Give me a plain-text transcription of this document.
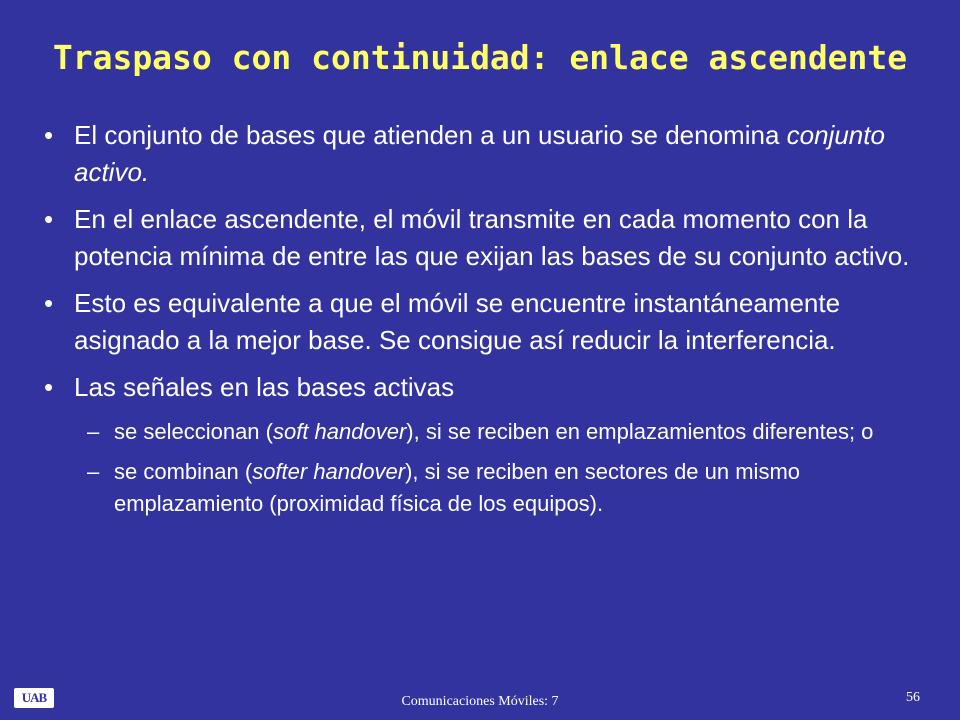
Traspaso con continuidad: enlace ascendente
• El conjunto de bases que atienden a un usuario se denomina conjunto activo.
• En el enlace ascendente, el móvil transmite en cada momento con la potencia mínima de entre las que exijan las bases de su conjunto activo.
• Esto es equivalente a que el móvil se encuentre instantáneamente asignado a la mejor base. Se consigue así reducir la interferencia.
• Las señales en las bases activas
– se seleccionan (soft handover), si se reciben en emplazamientos diferentes; o
– se combinan (softer handover), si se reciben en sectores de un mismo emplazamiento (proximidad física de los equipos).
UAB	Comunicaciones Móviles: 7	56
